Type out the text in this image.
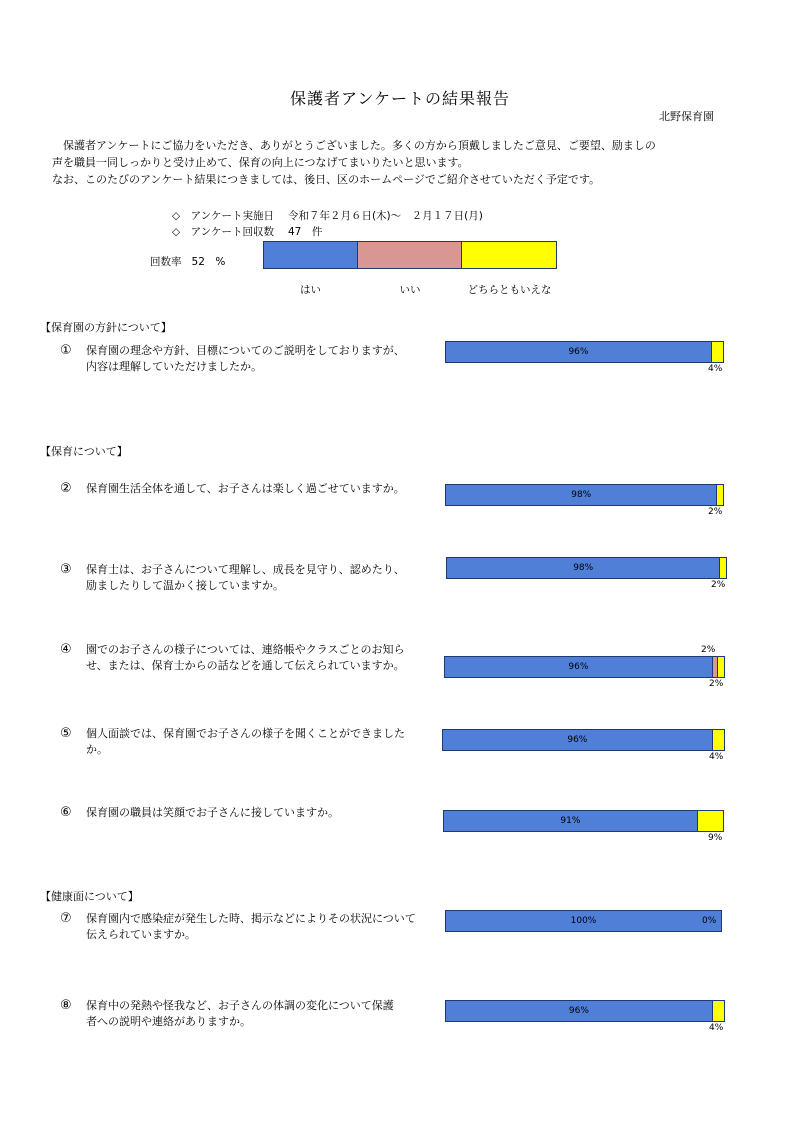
保護者アンケートの結果報告
北野保育園

保護者アンケートにご協力をいただき、ありがとうございました。多くの方から頂戴しましたご意見、ご要望、励ましの

声を職員一同しっかりと受け止めて、保育の向上につなげてまいりたいと思います。

なお、このたびのアンケート結果につきましては、後日、区のホームページでご紹介させていただく予定です。

◇　アンケート実施日 令和７年２月６日(木)～　２月１７日(月)
◇　アンケート回収数 47　件
回数率 52　%
はい	いい	どちらともいえな
【保育園の方針について】
【保育について】
【健康面について】
① 保育園の理念や方針、目標についてのご説明をしておりますが、
内容は理解していただけましたか。
96%
4%
② 保育園生活全体を通して、お子さんは楽しく過ごせていますか。	98%
2%
③ 保育士は、お子さんについて理解し、成長を見守り、認めたり、
励ましたりして温かく接していますか。
98%
2%
④ 園でのお子さんの様子については、連絡帳やクラスごとのお知ら
せ、または、保育士からの話などを通して伝えられていますか。	96%
2%
2%
⑤ 個人面談では、保育園でお子さんの様子を聞くことができました
か。
96%
4%
⑥ 保育園の職員は笑顔でお子さんに接していますか。
91%
9%
⑦ 保育園内で感染症が発生した時、掲示などによりその状況について
伝えられていますか。
100%	0%
⑧ 保育中の発熱や怪我など、お子さんの体調の変化について保護
者への説明や連絡がありますか。
96%
4%
